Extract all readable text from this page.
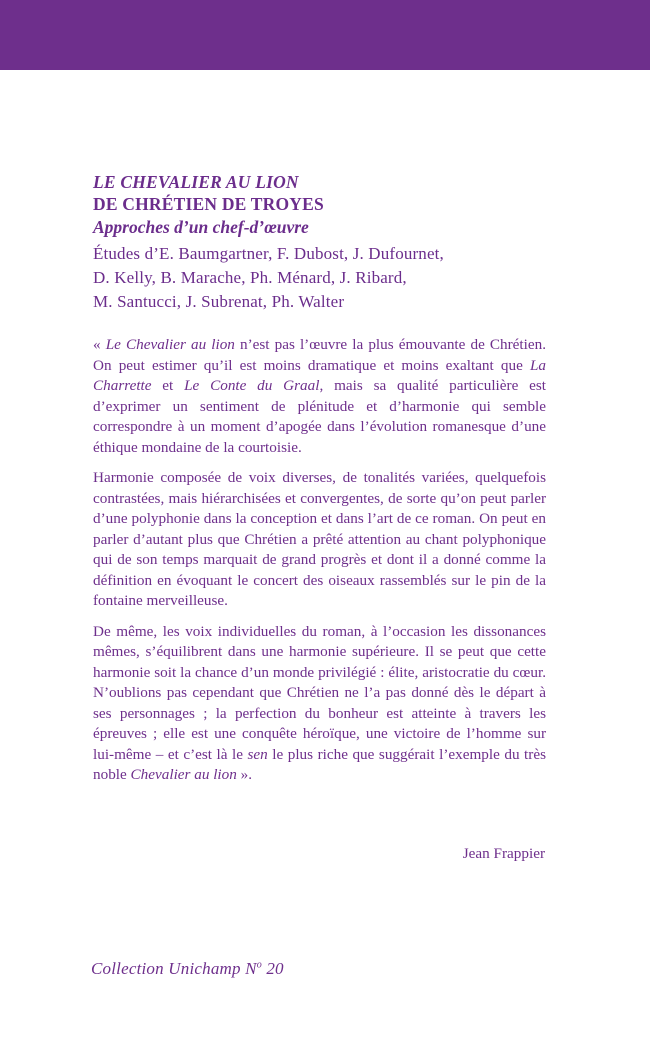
LE CHEVALIER AU LION
DE CHRÉTIEN DE TROYES
Approches d’un chef-d’œuvre
Études d’E. Baumgartner, F. Dubost, J. Dufournet,
D. Kelly, B. Marache, Ph. Ménard, J. Ribard,
M. Santucci, J. Subrenat, Ph. Walter

« Le Chevalier au lion n’est pas l’œuvre la plus émouvante de Chrétien. On peut estimer qu’il est moins dramatique et moins exaltant que La Charrette et Le Conte du Graal, mais sa qualité particulière est d’exprimer un sentiment de plénitude et d’harmonie qui semble correspondre à un moment d’apogée dans l’évolution romanesque d’une éthique mondaine de la courtoisie.

Harmonie composée de voix diverses, de tonalités variées, quelquefois contrastées, mais hiérarchisées et convergentes, de sorte qu’on peut parler d’une polyphonie dans la conception et dans l’art de ce roman. On peut en parler d’autant plus que Chrétien a prêté attention au chant polyphonique qui de son temps marquait de grand progrès et dont il a donné comme la définition en évoquant le concert des oiseaux rassemblés sur le pin de la fontaine merveilleuse.

De même, les voix individuelles du roman, à l’occasion les dissonances mêmes, s’équilibrent dans une harmonie supérieure. Il se peut que cette harmonie soit la chance d’un monde privilégié : élite, aristocratie du cœur. N’oublions pas cependant que Chrétien ne l’a pas donné dès le départ à ses personnages ; la perfection du bonheur est atteinte à travers les épreuves ; elle est une conquête héroïque, une victoire de l’homme sur lui-même – et c’est là le sen le plus riche que suggérait l’exemple du très noble Chevalier au lion ».

Jean Frappier
Collection Unichamp $N^o$ 20
